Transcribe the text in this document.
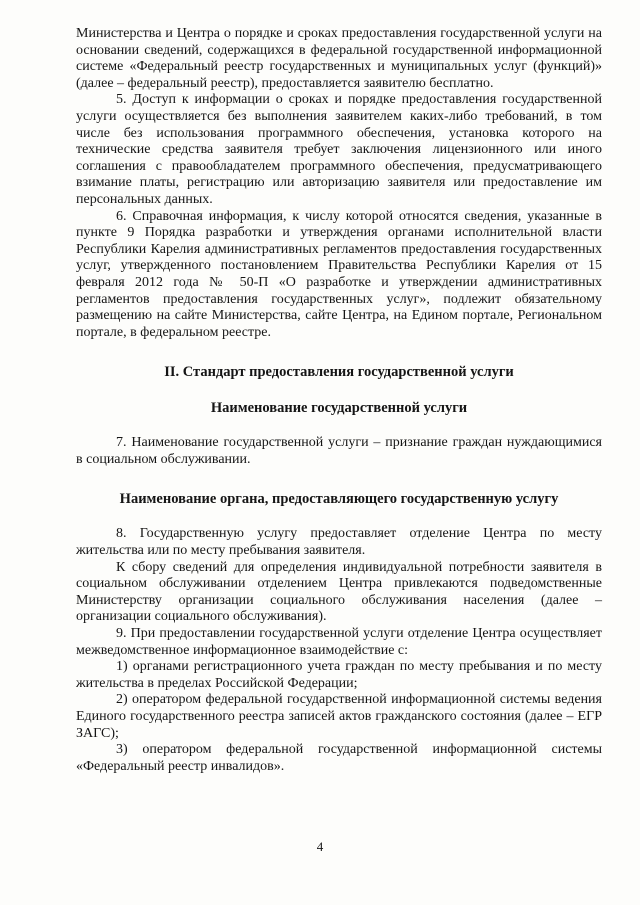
Министерства и Центра о порядке и сроках предоставления государственной услуги на основании сведений, содержащихся в федеральной государственной информационной системе «Федеральный реестр государственных и муниципальных услуг (функций)» (далее – федеральный реестр), предоставляется заявителю бесплатно.

5. Доступ к информации о сроках и порядке предоставления государственной услуги осуществляется без выполнения заявителем каких-либо требований, в том числе без использования программного обеспечения, установка которого на технические средства заявителя требует заключения лицензионного или иного соглашения с правообладателем программного обеспечения, предусматривающего взимание платы, регистрацию или авторизацию заявителя или предоставление им персональных данных.

6. Справочная информация, к числу которой относятся сведения, указанные в пункте 9 Порядка разработки и утверждения органами исполнительной власти Республики Карелия административных регламентов предоставления государственных услуг, утвержденного постановлением Правительства Республики Карелия от 15 февраля 2012 года № 50-П «О разработке и утверждении административных регламентов предоставления государственных услуг», подлежит обязательному размещению на сайте Министерства, сайте Центра, на Едином портале, Региональном портале, в федеральном реестре.

II. Стандарт предоставления государственной услуги

Наименование государственной услуги

7. Наименование государственной услуги – признание граждан нуждающимися в социальном обслуживании.

Наименование органа, предоставляющего государственную услугу

8. Государственную услугу предоставляет отделение Центра по месту жительства или по месту пребывания заявителя.

К сбору сведений для определения индивидуальной потребности заявителя в социальном обслуживании отделением Центра привлекаются подведомственные Министерству организации социального обслуживания населения (далее – организации социального обслуживания).

9. При предоставлении государственной услуги отделение Центра осуществляет межведомственное информационное взаимодействие с:

1) органами регистрационного учета граждан по месту пребывания и по месту жительства в пределах Российской Федерации;

2) оператором федеральной государственной информационной системы ведения Единого государственного реестра записей актов гражданского состояния (далее – ЕГР ЗАГС);

3) оператором федеральной государственной информационной системы «Федеральный реестр инвалидов».

4
